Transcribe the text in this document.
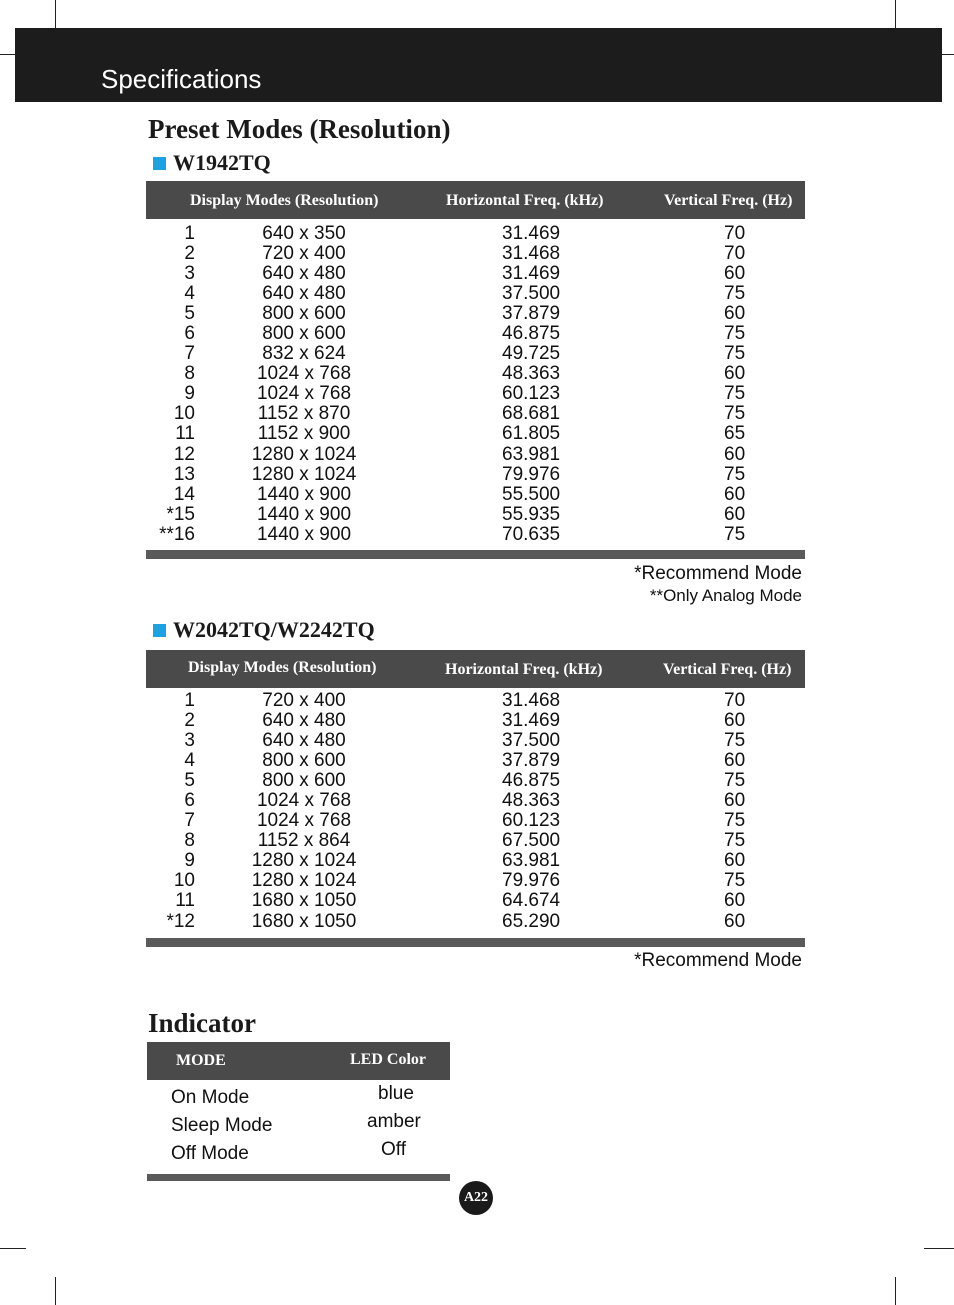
Specifications
Preset Modes (Resolution)
W1942TQ
Display Modes (Resolution)	Horizontal Freq. (kHz)	Vertical Freq. (Hz)
1	640 x 350	31.469	70
2	720 x 400	31.468	70
3	640 x 480	31.469	60
4	640 x 480	37.500	75
5	800 x 600	37.879	60
6	800 x 600	46.875	75
7	832 x 624	49.725	75
8	1024 x 768	48.363	60
9	1024 x 768	60.123	75
10	1152 x 870	68.681	75
11	1152 x 900	61.805	65
12	1280 x 1024	63.981	60
13	1280 x 1024	79.976	75
14	1440 x 900	55.500	60
*15	1440 x 900	55.935	60
**16	1440 x 900	70.635	75
*Recommend Mode
**Only Analog Mode
W2042TQ/W2242TQ
Display Modes (Resolution)	Horizontal Freq. (kHz)	Vertical Freq. (Hz)
1	720 x 400	31.468	70
2	640 x 480	31.469	60
3	640 x 480	37.500	75
4	800 x 600	37.879	60
5	800 x 600	46.875	75
6	1024 x 768	48.363	60
7	1024 x 768	60.123	75
8	1152 x 864	67.500	75
9	1280 x 1024	63.981	60
10	1280 x 1024	79.976	75
11	1680 x 1050	64.674	60
*12	1680 x 1050	65.290	60
*Recommend Mode
Indicator
MODE	LED Color
On Mode	blue
Sleep Mode	amber
Off Mode	Off
A22
